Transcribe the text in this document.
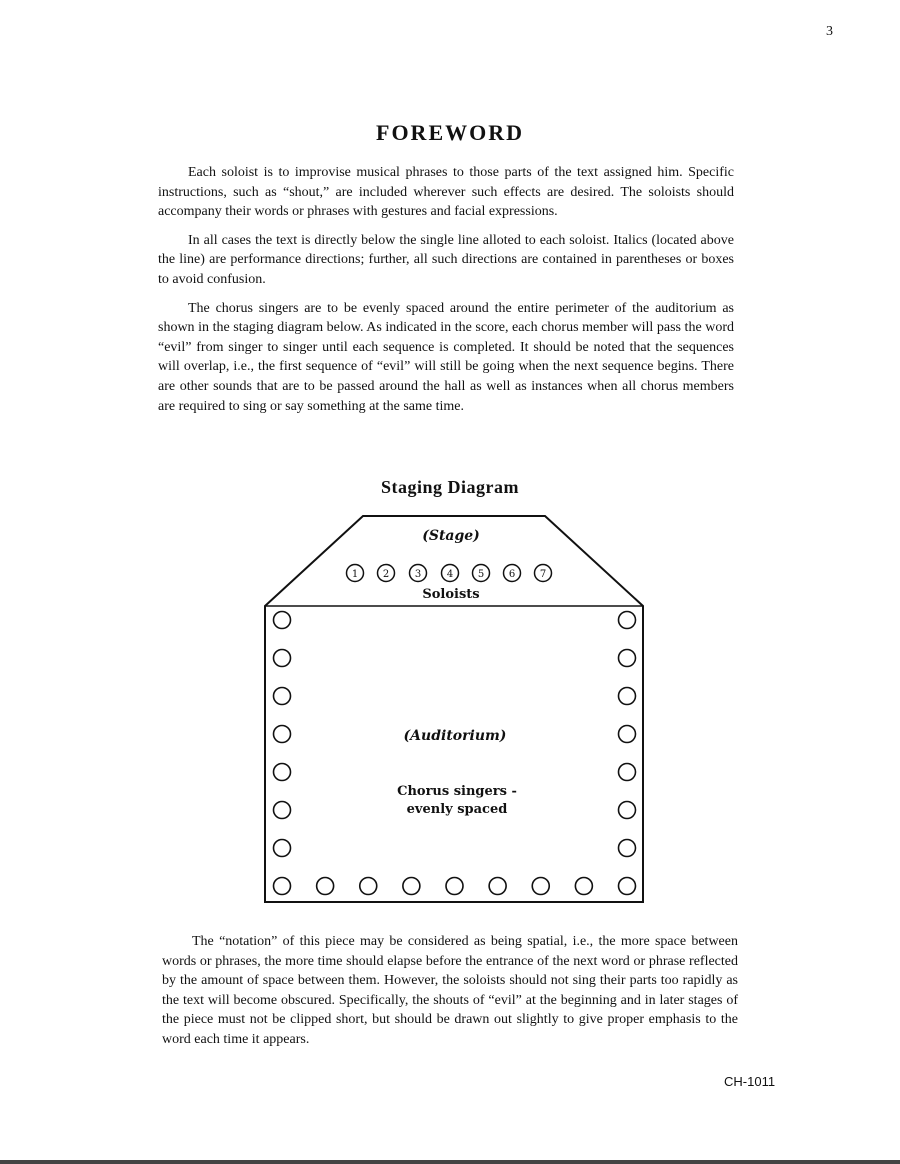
3
FOREWORD

Each soloist is to improvise musical phrases to those parts of the text assigned him. Specific instructions, such as “shout,” are included wherever such effects are desired. The soloists should accompany their words or phrases with gestures and facial expressions.

In all cases the text is directly below the single line alloted to each soloist. Italics (located above the line) are performance directions; further, all such directions are contained in parentheses or boxes to avoid confusion.

The chorus singers are to be evenly spaced around the entire perimeter of the auditorium as shown in the staging diagram below. As indicated in the score, each chorus member will pass the word “evil” from singer to singer until each sequence is completed. It should be noted that the sequences will overlap, i.e., the first sequence of “evil” will still be going when the next sequence begins. There are other sounds that are to be passed around the hall as well as instances when all chorus members are required to sing or say something at the same time.

Staging Diagram
(Stage)
1 2	3	4 5 6 7
Soloists
(Auditorium)
Chorus singers -
evenly spaced

The “notation” of this piece may be considered as being spatial, i.e., the more space between words or phrases, the more time should elapse before the entrance of the next word or phrase reflected by the amount of space between them. However, the soloists should not sing their parts too rapidly as the text will become obscured. Specifically, the shouts of “evil” at the beginning and in later stages of the piece must not be clipped short, but should be drawn out slightly to give proper emphasis to the word each time it appears.

CH-1011
